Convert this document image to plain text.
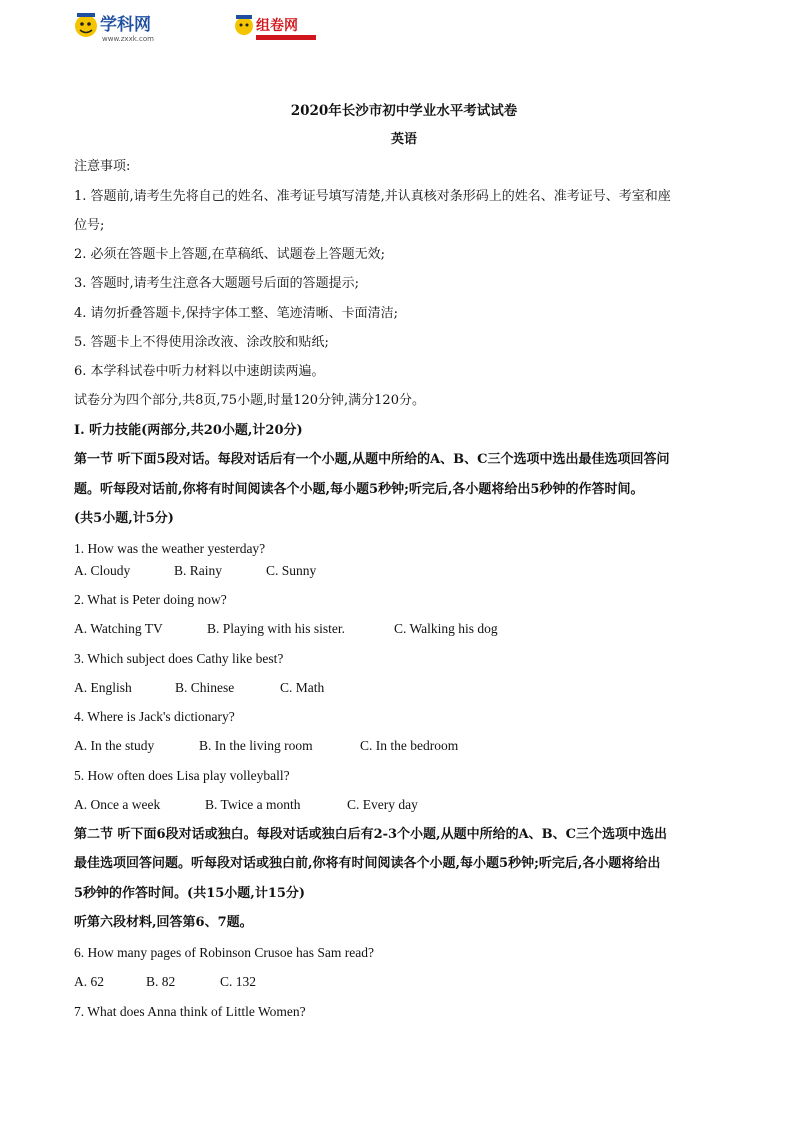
学科网
www.zxxk.com
组卷网
2020年长沙市初中学业水平考试试卷
英语
注意事项:
1. 答题前,请考生先将自己的姓名、准考证号填写清楚,并认真核对条形码上的姓名、准考证号、考室和座
位号;
2. 必须在答题卡上答题,在草稿纸、试题卷上答题无效;
3. 答题时,请考生注意各大题题号后面的答题提示;
4. 请勿折叠答题卡,保持字体工整、笔迹清晰、卡面清洁;
5. 答题卡上不得使用涂改液、涂改胶和贴纸;
6. 本学科试卷中听力材料以中速朗读两遍。
试卷分为四个部分,共8页,75小题,时量120分钟,满分120分。
I. 听力技能(两部分,共20小题,计20分)
第一节 听下面5段对话。每段对话后有一个小题,从题中所给的A、B、C三个选项中选出最佳选项回答问
题。听每段对话前,你将有时间阅读各个小题,每小题5秒钟;听完后,各小题将给出5秒钟的作答时间。
(共5小题,计5分)
1. How was the weather yesterday?
A. Cloudy	B. Rainy	C. Sunny
2. What is Peter doing now?
A. Watching TV	B. Playing with his sister.	C. Walking his dog
3. Which subject does Cathy like best?
A. English	B. Chinese	C. Math
4. Where is Jack's dictionary?
A. In the study	B. In the living room	C. In the bedroom
5. How often does Lisa play volleyball?
A. Once a week	B. Twice a month	C. Every day
第二节 听下面6段对话或独白。每段对话或独白后有2-3个小题,从题中所给的A、B、C三个选项中选出
最佳选项回答问题。听每段对话或独白前,你将有时间阅读各个小题,每小题5秒钟;听完后,各小题将给出
5秒钟的作答时间。(共15小题,计15分)
听第六段材料,回答第6、7题。
6. How many pages of Robinson Crusoe has Sam read?
A. 62	B. 82	C. 132
7. What does Anna think of Little Women?
